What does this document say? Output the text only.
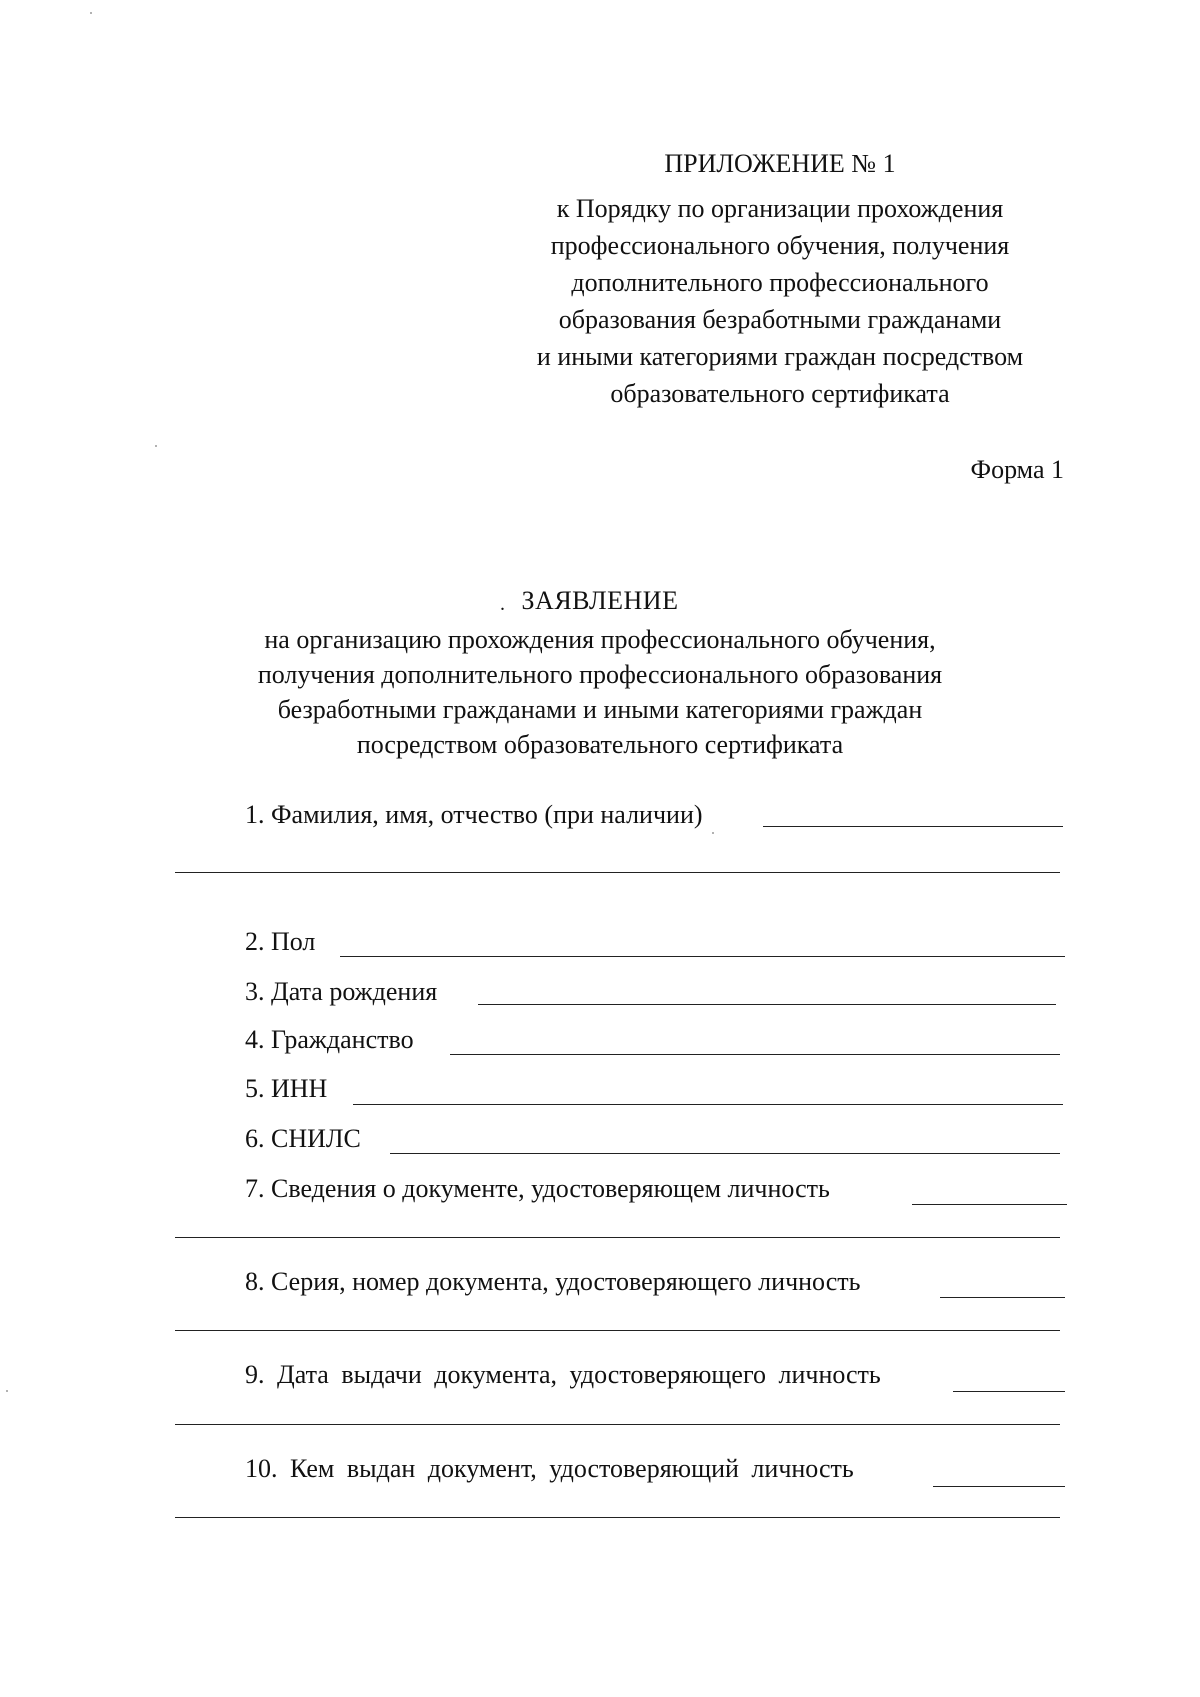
ПРИЛОЖЕНИЕ № 1
к Порядку по организации прохождения
профессионального обучения, получения
дополнительного профессионального
образования безработными гражданами
и иными категориями граждан посредством
образовательного сертификата
Форма 1
. ЗАЯВЛЕНИЕ
на организацию прохождения профессионального обучения,
получения дополнительного профессионального образования
безработными гражданами и иными категориями граждан
посредством образовательного сертификата
1. Фамилия, имя, отчество (при наличии)
2. Пол
3. Дата рождения
4. Гражданство
5. ИНН
6. СНИЛС
7. Сведения о документе, удостоверяющем личность
8. Серия, номер документа, удостоверяющего личность
9. Дата выдачи документа, удостоверяющего личность
10. Кем выдан документ, удостоверяющий личность
